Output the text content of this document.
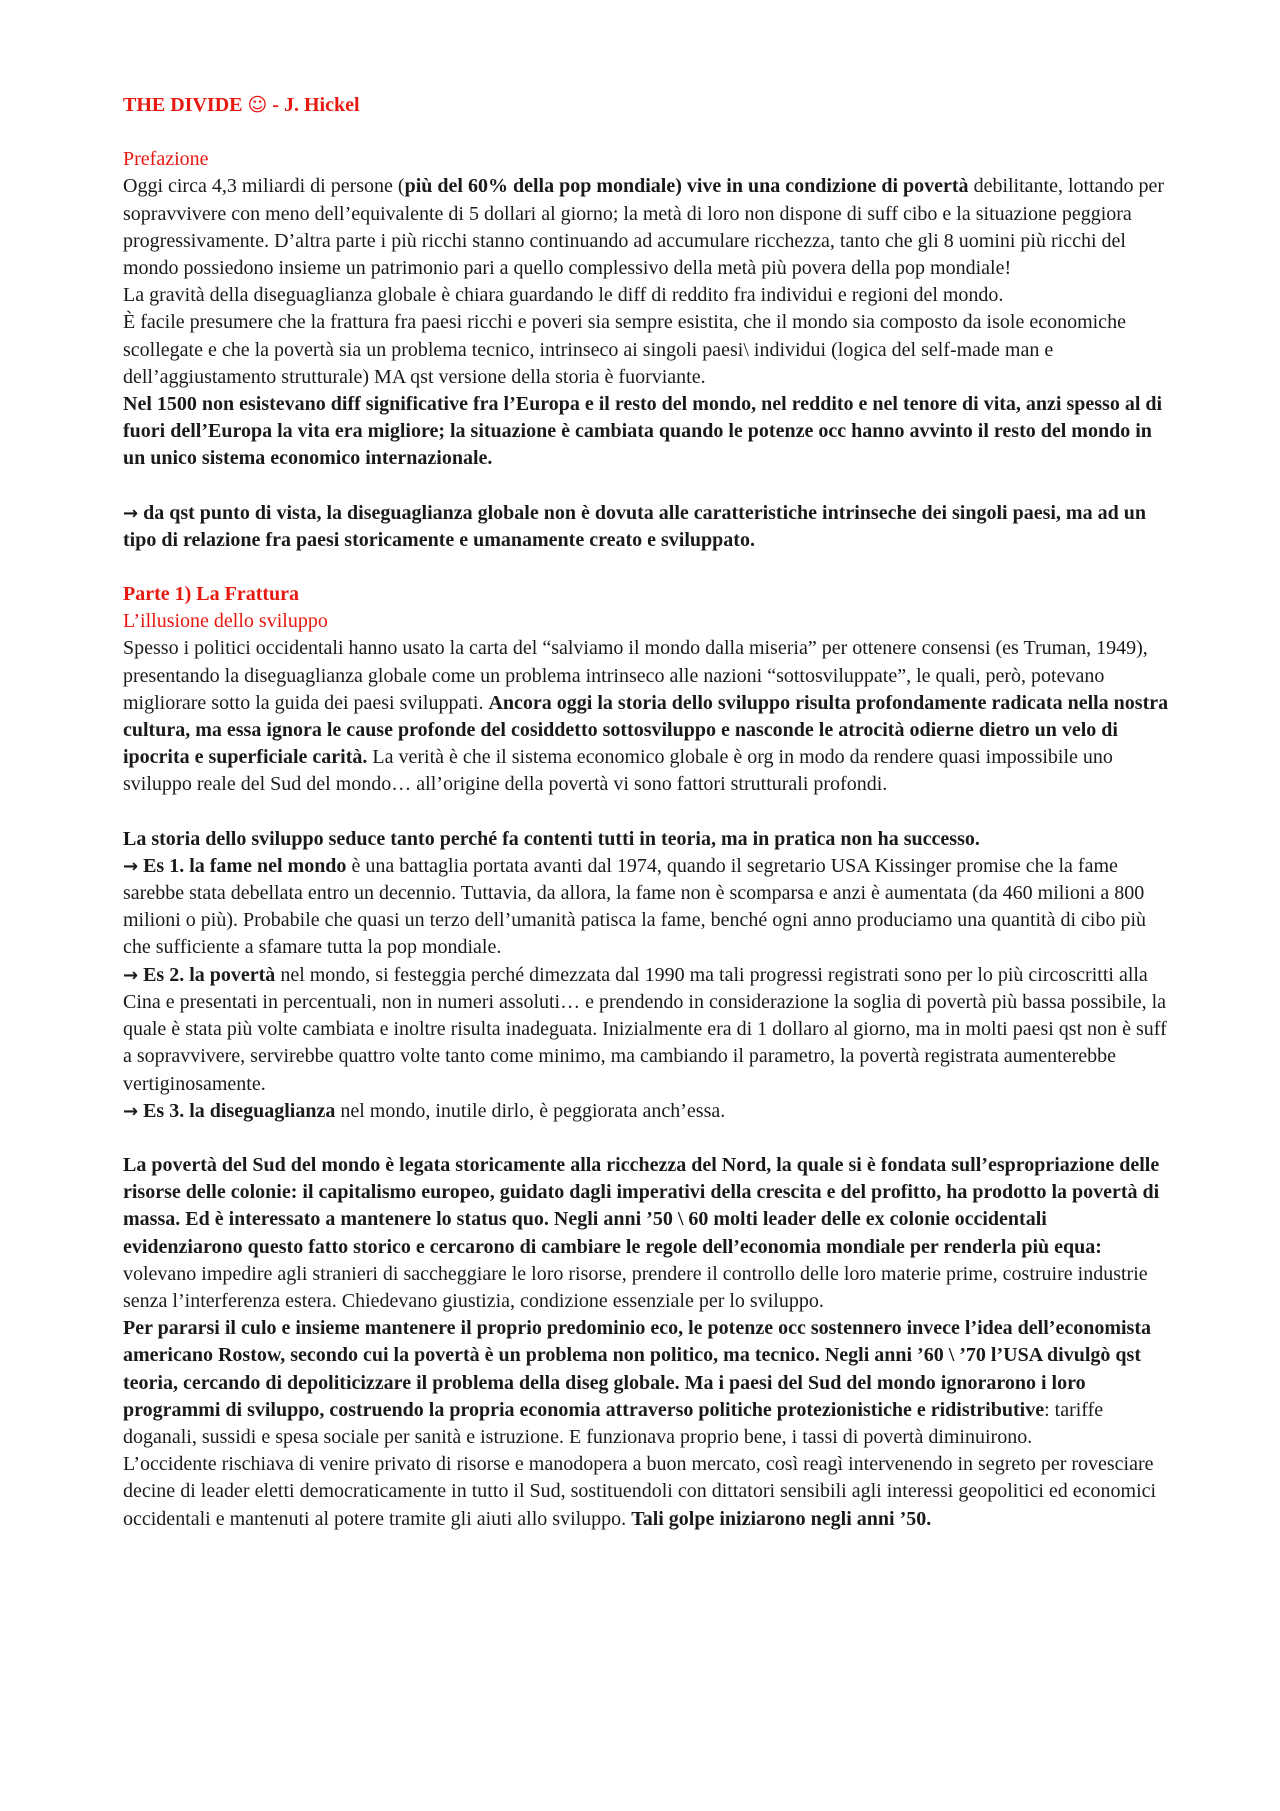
THE DIVIDE ☺ - J. Hickel

Prefazione

Oggi circa 4,3 miliardi di persone (più del 60% della pop mondiale) vive in una condizione di povertà debilitante, lottando per sopravvivere con meno dell’equivalente di 5 dollari al giorno; la metà di loro non dispone di suff cibo e la situazione peggiora progressivamente. D’altra parte i più ricchi stanno continuando ad accumulare ricchezza, tanto che gli 8 uomini più ricchi del mondo possiedono insieme un patrimonio pari a quello complessivo della metà più povera della pop mondiale!

La gravità della diseguaglianza globale è chiara guardando le diff di reddito fra individui e regioni del mondo.

È facile presumere che la frattura fra paesi ricchi e poveri sia sempre esistita, che il mondo sia composto da isole economiche scollegate e che la povertà sia un problema tecnico, intrinseco ai singoli paesi\ individui (logica del self-made man e dell’aggiustamento strutturale) MA qst versione della storia è fuorviante.

Nel 1500 non esistevano diff significative fra l’Europa e il resto del mondo, nel reddito e nel tenore di vita, anzi spesso al di fuori dell’Europa la vita era migliore; la situazione è cambiata quando le potenze occ hanno avvinto il resto del mondo in un unico sistema economico internazionale.

→ da qst punto di vista, la diseguaglianza globale non è dovuta alle caratteristiche intrinseche dei singoli paesi, ma ad un tipo di relazione fra paesi storicamente e umanamente creato e sviluppato.

Parte 1) La Frattura

L’illusione dello sviluppo

Spesso i politici occidentali hanno usato la carta del “salviamo il mondo dalla miseria” per ottenere consensi (es Truman, 1949), presentando la diseguaglianza globale come un problema intrinseco alle nazioni “sottosviluppate”, le quali, però, potevano migliorare sotto la guida dei paesi sviluppati. Ancora oggi la storia dello sviluppo risulta profondamente radicata nella nostra cultura, ma essa ignora le cause profonde del cosiddetto sottosviluppo e nasconde le atrocità odierne dietro un velo di ipocrita e superficiale carità. La verità è che il sistema economico globale è org in modo da rendere quasi impossibile uno sviluppo reale del Sud del mondo… all’origine della povertà vi sono fattori strutturali profondi.

La storia dello sviluppo seduce tanto perché fa contenti tutti in teoria, ma in pratica non ha successo.

→ Es 1. la fame nel mondo è una battaglia portata avanti dal 1974, quando il segretario USA Kissinger promise che la fame sarebbe stata debellata entro un decennio. Tuttavia, da allora, la fame non è scomparsa e anzi è aumentata (da 460 milioni a 800 milioni o più). Probabile che quasi un terzo dell’umanità patisca la fame, benché ogni anno produciamo una quantità di cibo più che sufficiente a sfamare tutta la pop mondiale.

→ Es 2. la povertà nel mondo, si festeggia perché dimezzata dal 1990 ma tali progressi registrati sono per lo più circoscritti alla Cina e presentati in percentuali, non in numeri assoluti… e prendendo in considerazione la soglia di povertà più bassa possibile, la quale è stata più volte cambiata e inoltre risulta inadeguata. Inizialmente era di 1 dollaro al giorno, ma in molti paesi qst non è suff a sopravvivere, servirebbe quattro volte tanto come minimo, ma cambiando il parametro, la povertà registrata aumenterebbe vertiginosamente.

→ Es 3. la diseguaglianza nel mondo, inutile dirlo, è peggiorata anch’essa.

La povertà del Sud del mondo è legata storicamente alla ricchezza del Nord, la quale si è fondata sull’espropriazione delle risorse delle colonie: il capitalismo europeo, guidato dagli imperativi della crescita e del profitto, ha prodotto la povertà di massa. Ed è interessato a mantenere lo status quo. Negli anni ’50 \ 60 molti leader delle ex colonie occidentali evidenziarono questo fatto storico e cercarono di cambiare le regole dell’economia mondiale per renderla più equa: volevano impedire agli stranieri di saccheggiare le loro risorse, prendere il controllo delle loro materie prime, costruire industrie senza l’interferenza estera. Chiedevano giustizia, condizione essenziale per lo sviluppo.

Per pararsi il culo e insieme mantenere il proprio predominio eco, le potenze occ sostennero invece l’idea dell’economista americano Rostow, secondo cui la povertà è un problema non politico, ma tecnico. Negli anni ’60 \ ’70 l’USA divulgò qst teoria, cercando di depoliticizzare il problema della diseg globale. Ma i paesi del Sud del mondo ignorarono i loro programmi di sviluppo, costruendo la propria economia attraverso politiche protezionistiche e ridistributive: tariffe doganali, sussidi e spesa sociale per sanità e istruzione. E funzionava proprio bene, i tassi di povertà diminuirono.

L’occidente rischiava di venire privato di risorse e manodopera a buon mercato, così reagì intervenendo in segreto per rovesciare decine di leader eletti democraticamente in tutto il Sud, sostituendoli con dittatori sensibili agli interessi geopolitici ed economici occidentali e mantenuti al potere tramite gli aiuti allo sviluppo. Tali golpe iniziarono negli anni ’50.
